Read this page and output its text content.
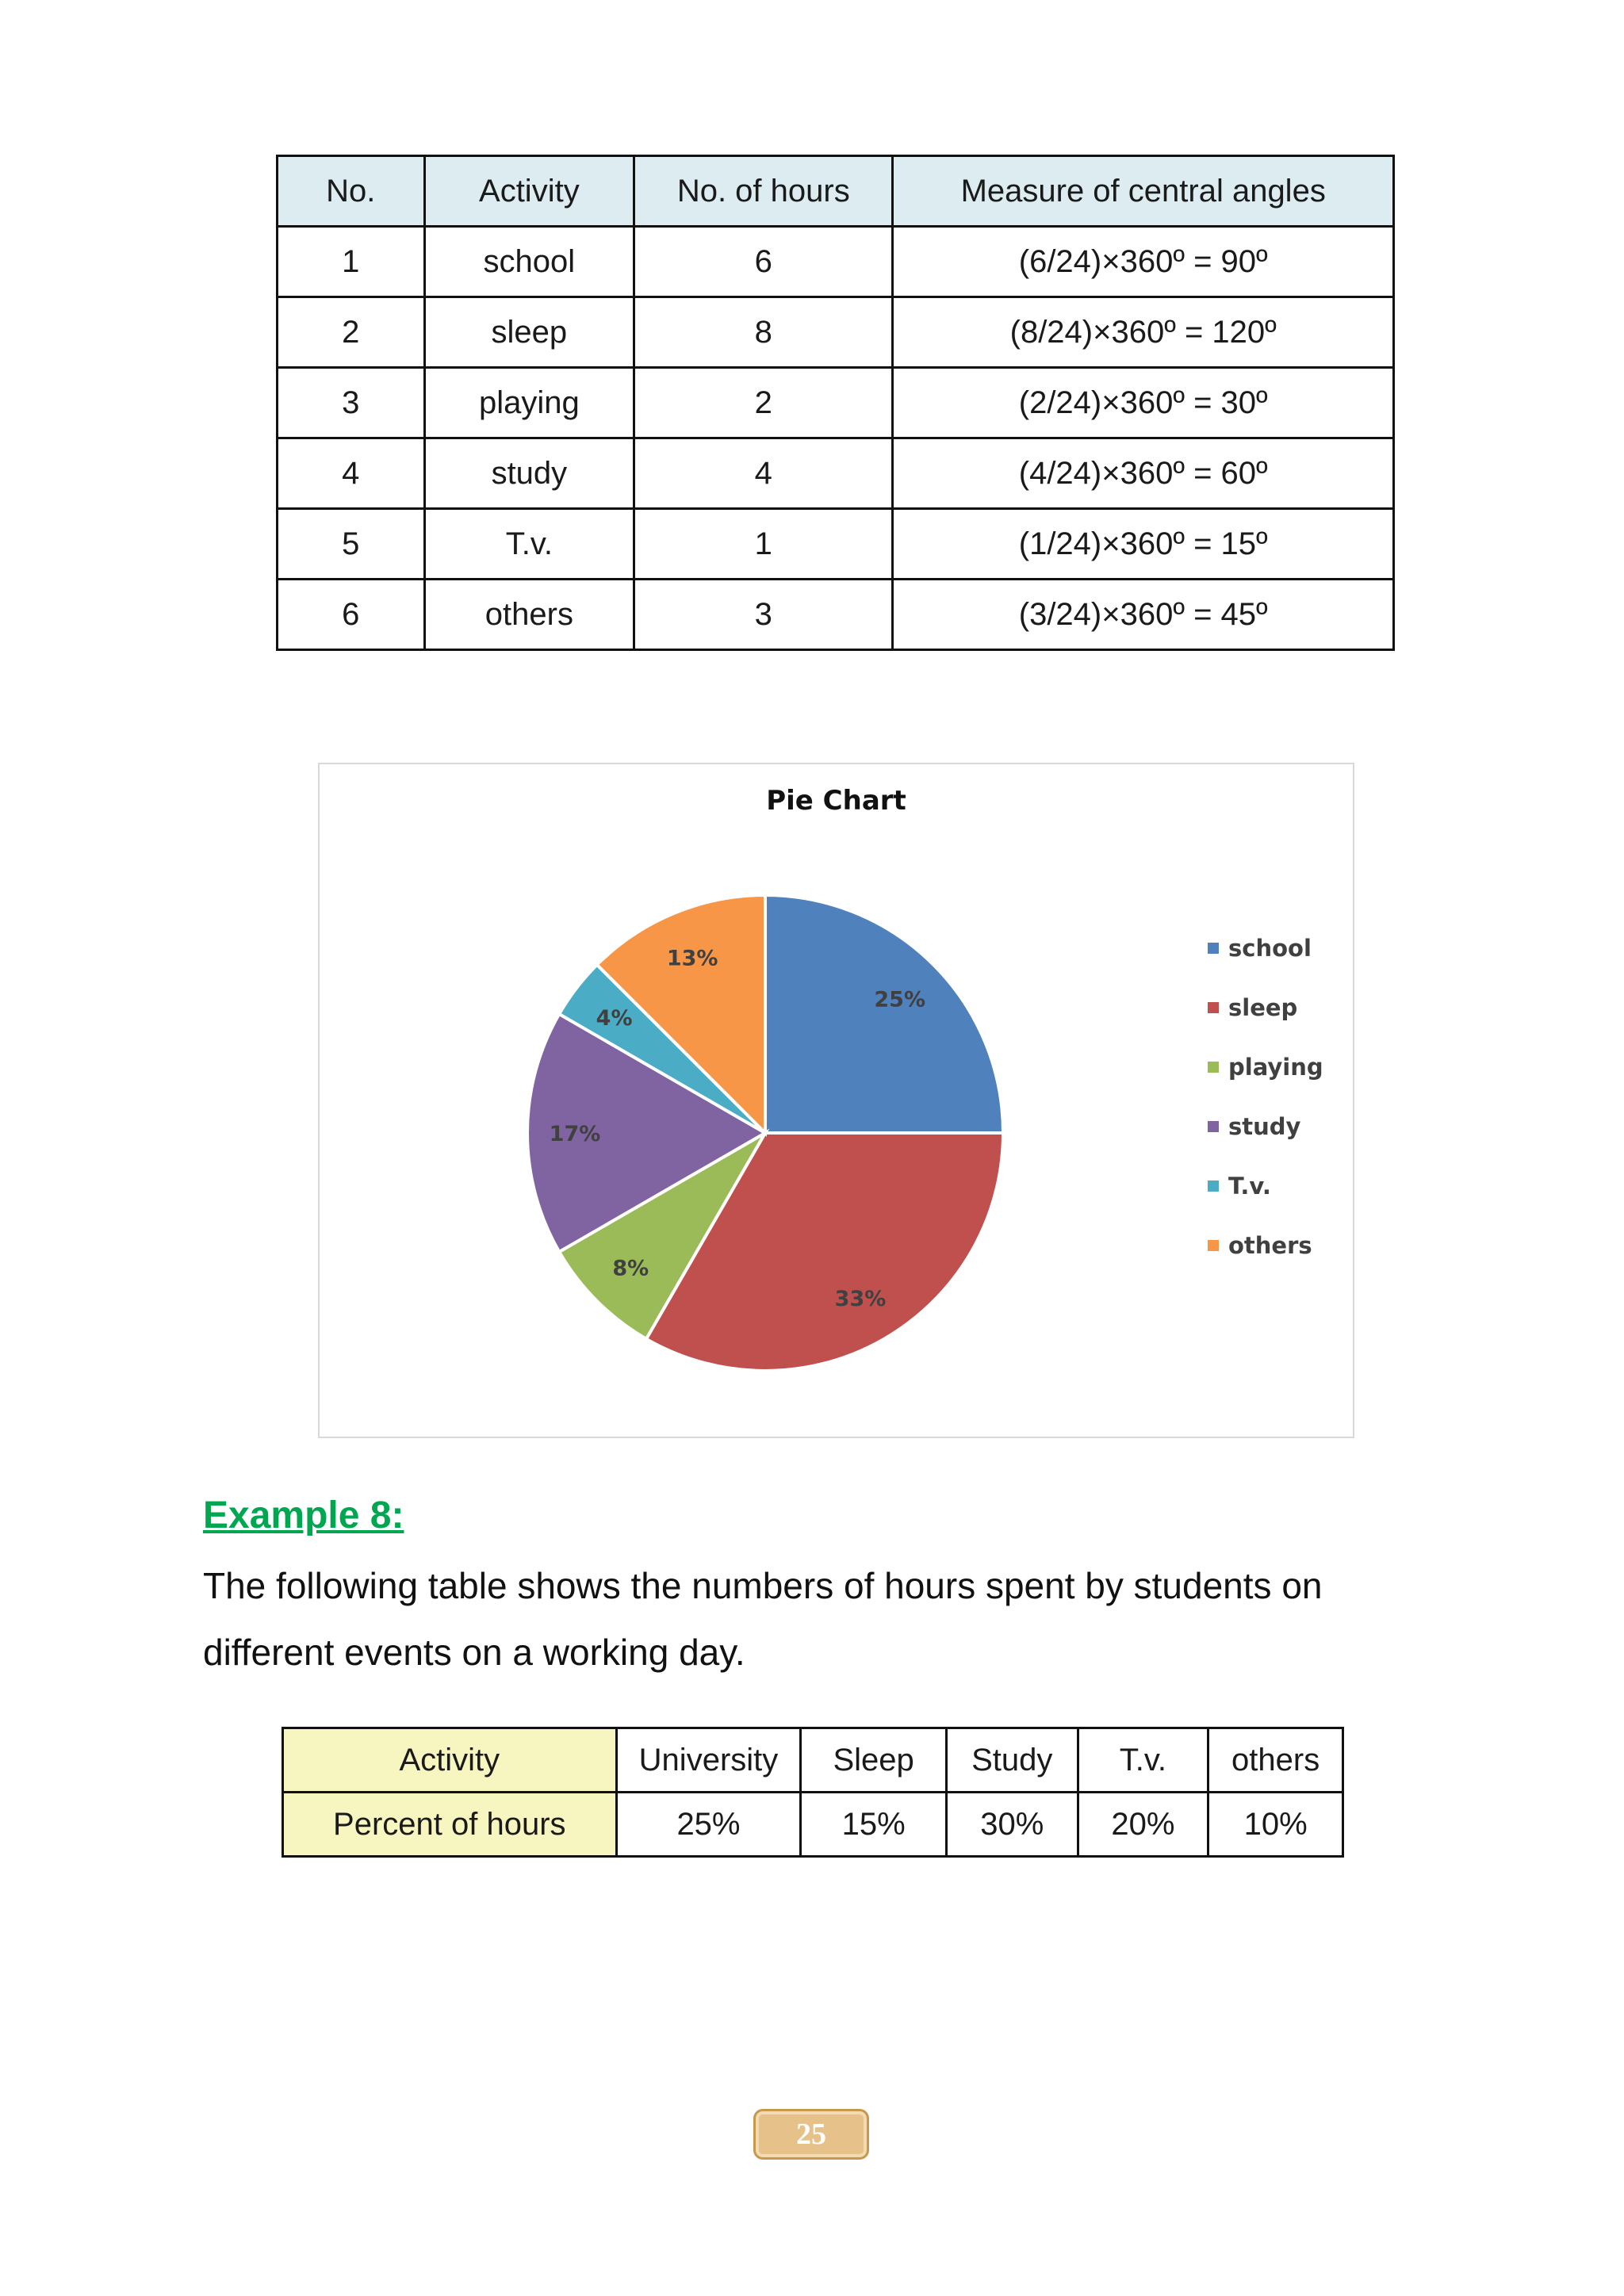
No.	Activity	No. of hours	Measure of central angles
1	school	6	(6/24)×360º = 90º
2	sleep	8	(8/24)×360º = 120º
3	playing	2	(2/24)×360º = 30º
4	study	4	(4/24)×360º = 60º
5	T.v.	1	(1/24)×360º = 15º
6	others	3	(3/24)×360º = 45º
Pie Chart
25%
33%
8%
17%
4%
13%	school
sleep
playing
study
T.v.
others
Example 8:
The following table shows the numbers of hours spent by students on different events on a working day.
Activity	University	Sleep	Study	T.v.	others
Percent of hours	25%	15%	30%	20%	10%
25
